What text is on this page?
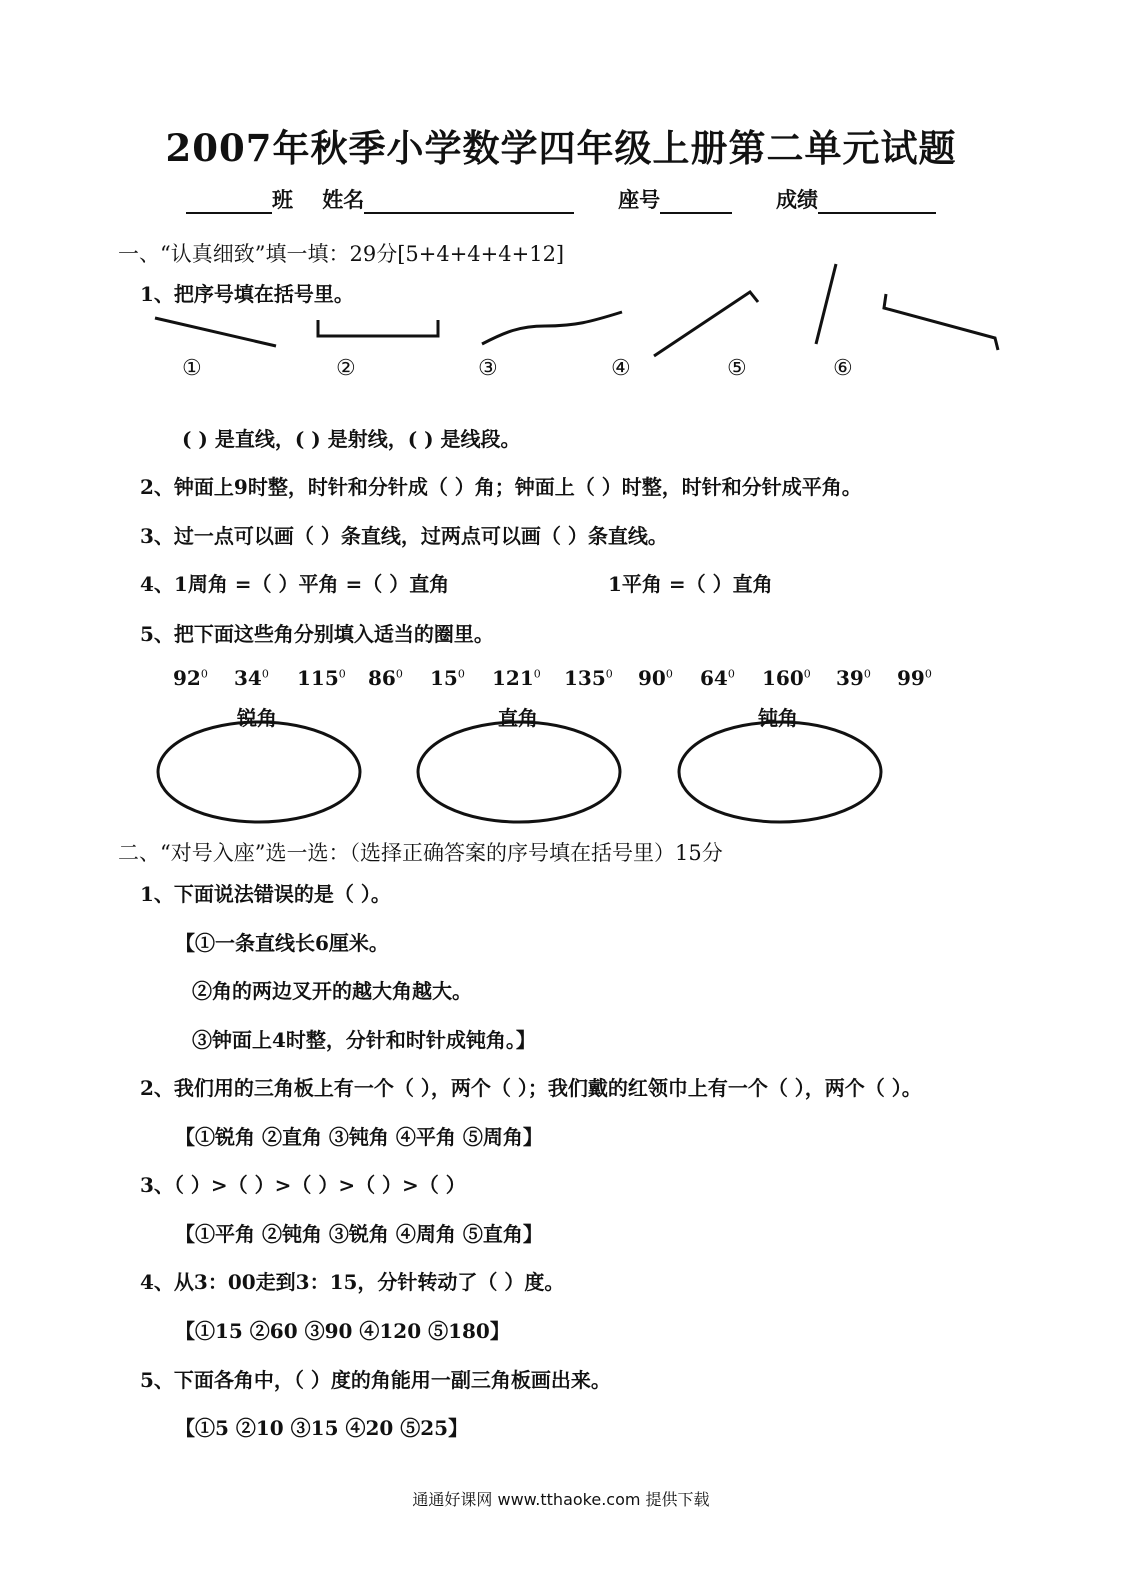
2007年秋季小学数学四年级上册第二单元试题
班 姓名	座号	成绩
一、“认真细致”填一填：29分[5+4+4+4+12]
1、把序号填在括号里。
①	②	③	④	⑤	⑥
( ) 是直线，( ) 是射线，( ) 是线段。
2、钟面上9时整，时针和分针成（ ）角；钟面上（ ）时整，时针和分针成平角。
3、过一点可以画（ ）条直线，过两点可以画（ ）条直线。
4、1周角 =（ ）平角 =（ ）直角	1平角 =（ ）直角
5、把下面这些角分别填入适当的圈里。
$92^0$ $34^0$ $115^0$ $86^0$ $15^0$ $121^0$ $135^0$ $90^0$ $64^0$ $160^0$ $39^0$ $99^0$
锐角	直角	钝角
二、“对号入座”选一选：（选择正确答案的序号填在括号里）15分
1、下面说法错误的是（ ）。
【①一条直线长6厘米。
②角的两边叉开的越大角越大。
③钟面上4时整，分针和时针成钝角。】
2、我们用的三角板上有一个（ ），两个（ ）；我们戴的红领巾上有一个（ ），两个（ ）。
【①锐角 ②直角 ③钝角 ④平角 ⑤周角】
3、（ ）>（ ）>（ ）>（ ）>（ ）
【①平角 ②钝角 ③锐角 ④周角 ⑤直角】
4、从3：00走到3：15，分针转动了（ ）度。
【①15 ②60 ③90 ④120 ⑤180】
5、下面各角中，（ ）度的角能用一副三角板画出来。
【①5 ②10 ③15 ④20 ⑤25】
通通好课网 www.tthaoke.com 提供下载
